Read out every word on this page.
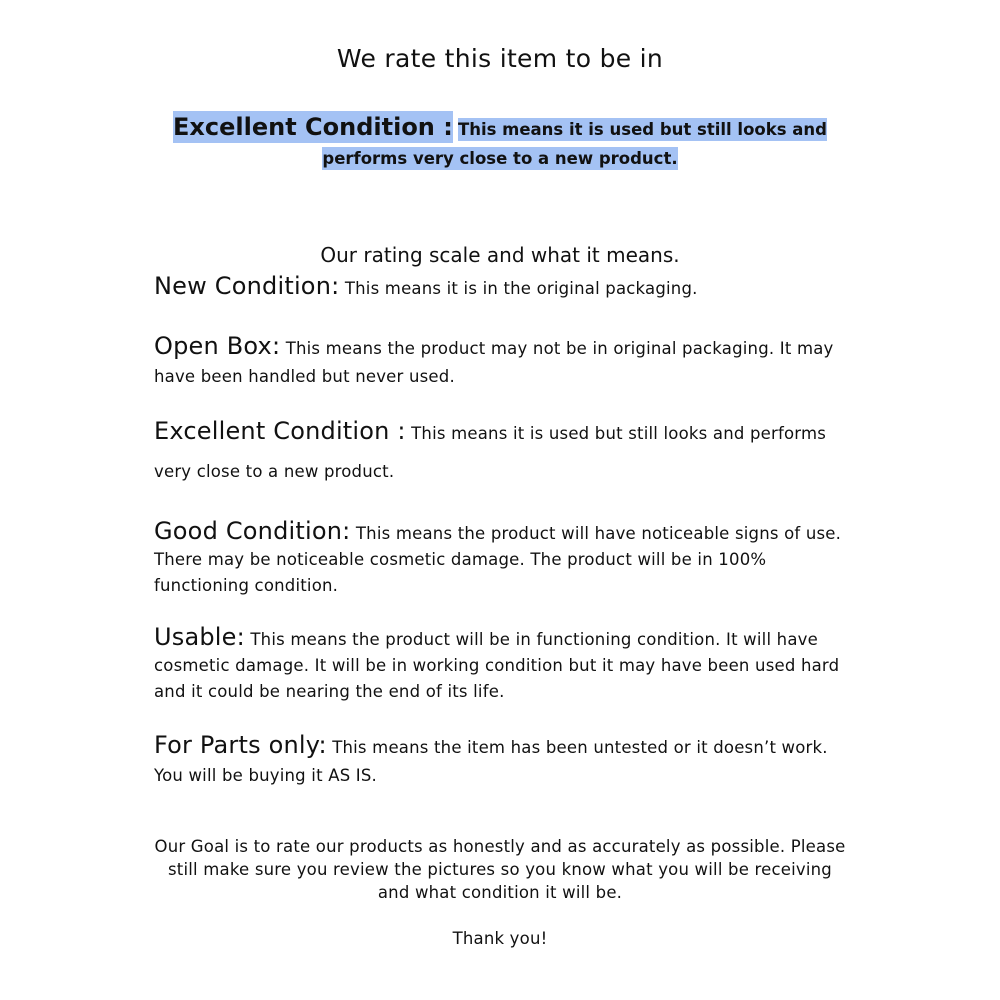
We rate this item to be in
Excellent Condition : This means it is used but still looks and performs very close to a new product.
Our rating scale and what it means.
New Condition: This means it is in the original packaging.
Open Box: This means the product may not be in original packaging. It may have been handled but never used.
Excellent Condition : This means it is used but still looks and performs very close to a new product.
Good Condition: This means the product will have noticeable signs of use. There may be noticeable cosmetic damage. The product will be in 100% functioning condition.
Usable: This means the product will be in functioning condition. It will have cosmetic damage. It will be in working condition but it may have been used hard and it could be nearing the end of its life.
For Parts only: This means the item has been untested or it doesn’t work. You will be buying it AS IS.
Our Goal is to rate our products as honestly and as accurately as possible. Please still make sure you review the pictures so you know what you will be receiving and what condition it will be.
Thank you!
